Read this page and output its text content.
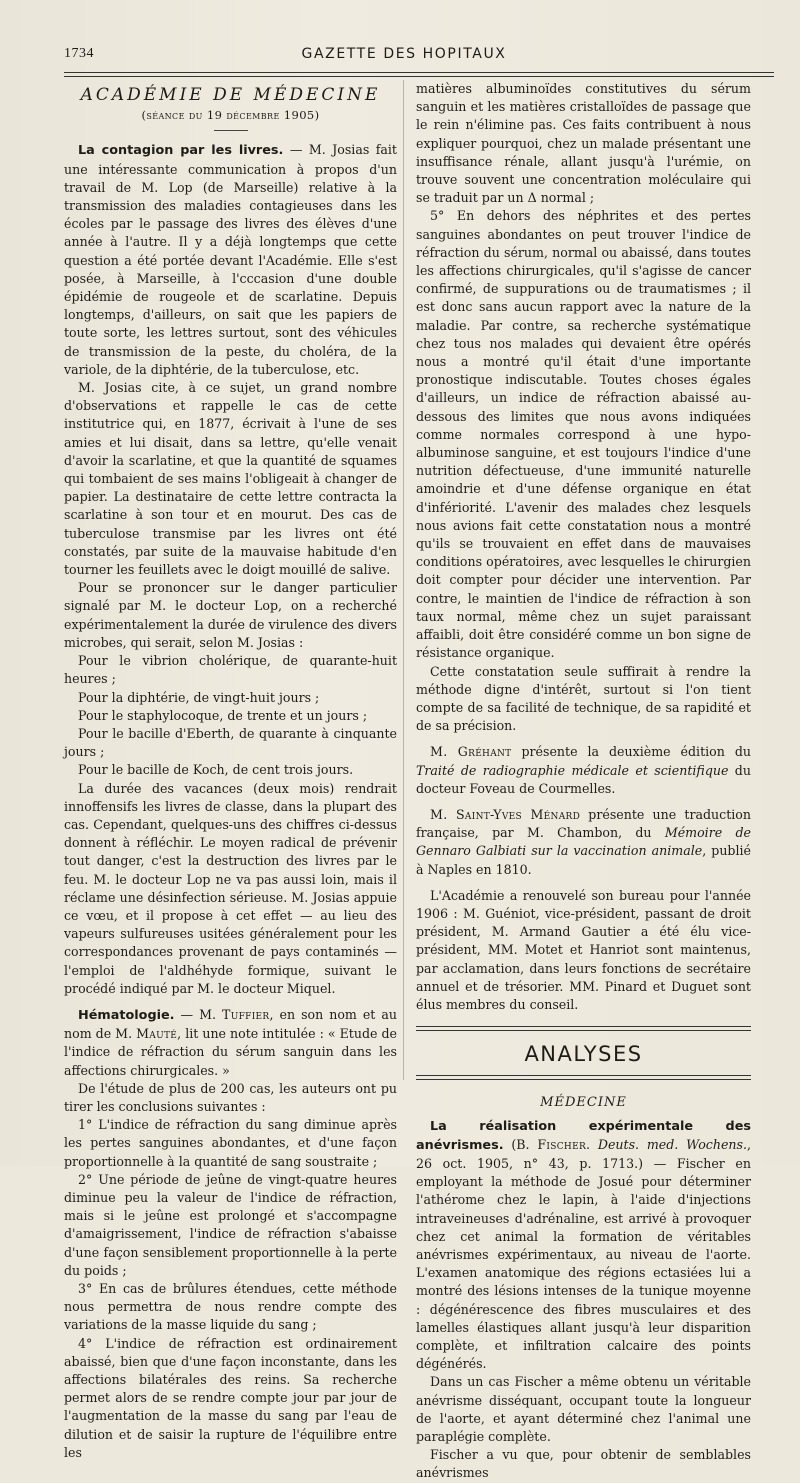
1734	GAZETTE DES HOPITAUX
ACADÉMIE DE MÉDECINE
(séance du 19 décembre 1905)

La contagion par les livres. — M. Josias fait une intéressante communication à propos d'un travail de M. Lop (de Marseille) relative à la transmission des maladies contagieuses dans les écoles par le passage des livres des élèves d'une année à l'autre. Il y a déjà longtemps que cette question a été portée devant l'Académie. Elle s'est posée, à Marseille, à l'cccasion d'une double épidémie de rougeole et de scarlatine. Depuis longtemps, d'ailleurs, on sait que les papiers de toute sorte, les lettres surtout, sont des véhicules de transmission de la peste, du choléra, de la variole, de la diphtérie, de la tuberculose, etc.

M. Josias cite, à ce sujet, un grand nombre d'observations et rappelle le cas de cette institutrice qui, en 1877, écrivait à l'une de ses amies et lui disait, dans sa lettre, qu'elle venait d'avoir la scarlatine, et que la quantité de squames qui tombaient de ses mains l'obligeait à changer de papier. La destinataire de cette lettre contracta la scarlatine à son tour et en mourut. Des cas de tuberculose transmise par les livres ont été constatés, par suite de la mauvaise habitude d'en tourner les feuillets avec le doigt mouillé de salive.

Pour se prononcer sur le danger particulier signalé par M. le docteur Lop, on a recherché expérimentalement la durée de virulence des divers microbes, qui serait, selon M. Josias :

Pour le vibrion cholérique, de quarante-huit heures ;

Pour la diphtérie, de vingt-huit jours ;

Pour le staphylocoque, de trente et un jours ;

Pour le bacille d'Eberth, de quarante à cinquante jours ;

Pour le bacille de Koch, de cent trois jours.

La durée des vacances (deux mois) rendrait innoffensifs les livres de classe, dans la plupart des cas. Cependant, quelques-uns des chiffres ci-dessus donnent à réfléchir. Le moyen radical de prévenir tout danger, c'est la destruction des livres par le feu. M. le docteur Lop ne va pas aussi loin, mais il réclame une désinfection sérieuse. M. Josias appuie ce vœu, et il propose à cet effet — au lieu des vapeurs sulfureuses usitées généralement pour les correspondances provenant de pays contaminés — l'emploi de l'aldhéhyde formique, suivant le procédé indiqué par M. le docteur Miquel.

Hématologie. — M. Tuffier, en son nom et au nom de M. Mauté, lit une note intitulée : « Etude de l'indice de réfraction du sérum sanguin dans les affections chirurgicales. »

De l'étude de plus de 200 cas, les auteurs ont pu tirer les conclusions suivantes :

1° L'indice de réfraction du sang diminue après les pertes sanguines abondantes, et d'une façon proportionnelle à la quantité de sang soustraite ;

2° Une période de jeûne de vingt-quatre heures diminue peu la valeur de l'indice de réfraction, mais si le jeûne est prolongé et s'accompagne d'amaigrissement, l'indice de réfraction s'abaisse d'une façon sensiblement proportionnelle à la perte du poids ;

3° En cas de brûlures étendues, cette méthode nous permettra de nous rendre compte des variations de la masse liquide du sang ;

4° L'indice de réfraction est ordinairement abaissé, bien que d'une façon inconstante, dans les affections bilatérales des reins. Sa recherche permet alors de se rendre compte jour par jour de l'augmentation de la masse du sang par l'eau de dilution et de saisir la rupture de l'équilibre entre les

matières albuminoïdes constitutives du sérum sanguin et les matières cristalloïdes de passage que le rein n'élimine pas. Ces faits contribuent à nous expliquer pourquoi, chez un malade présentant une insuffisance rénale, allant jusqu'à l'urémie, on trouve souvent une concentration moléculaire qui se traduit par un Δ normal ;

5° En dehors des néphrites et des pertes sanguines abondantes on peut trouver l'indice de réfraction du sérum, normal ou abaissé, dans toutes les affections chirurgicales, qu'il s'agisse de cancer confirmé, de suppurations ou de traumatismes ; il est donc sans aucun rapport avec la nature de la maladie. Par contre, sa recherche systématique chez tous nos malades qui devaient être opérés nous a montré qu'il était d'une importante pronostique indiscutable. Toutes choses égales d'ailleurs, un indice de réfraction abaissé au-dessous des limites que nous avons indiquées comme normales correspond à une hypo-albuminose sanguine, et est toujours l'indice d'une nutrition défectueuse, d'une immunité naturelle amoindrie et d'une défense organique en état d'infériorité. L'avenir des malades chez lesquels nous avions fait cette constatation nous a montré qu'ils se trouvaient en effet dans de mauvaises conditions opératoires, avec lesquelles le chirurgien doit compter pour décider une intervention. Par contre, le maintien de l'indice de réfraction à son taux normal, même chez un sujet paraissant affaibli, doit être considéré comme un bon signe de résistance organique.

Cette constatation seule suffirait à rendre la méthode digne d'intérêt, surtout si l'on tient compte de sa facilité de technique, de sa rapidité et de sa précision.

M. Gréhant présente la deuxième édition du Traité de radiographie médicale et scientifique du docteur Foveau de Courmelles.

M. Saint-Yves Ménard présente une traduction française, par M. Chambon, du Mémoire de Gennaro Galbiati sur la vaccination animale, publié à Naples en 1810.

L'Académie a renouvelé son bureau pour l'année 1906 : M. Guéniot, vice-président, passant de droit président, M. Armand Gautier a été élu vice-président, MM. Motet et Hanriot sont maintenus, par acclamation, dans leurs fonctions de secrétaire annuel et de trésorier. MM. Pinard et Duguet sont élus membres du conseil.

ANALYSES
MÉDECINE

La réalisation expérimentale des anévrismes. (B. Fischer. Deuts. med. Wochens., 26 oct. 1905, n° 43, p. 1713.) — Fischer en employant la méthode de Josué pour déterminer l'athérome chez le lapin, à l'aide d'injections intraveineuses d'adrénaline, est arrivé à provoquer chez cet animal la formation de véritables anévrismes expérimentaux, au niveau de l'aorte. L'examen anatomique des régions ectasiées lui a montré des lésions intenses de la tunique moyenne : dégénérescence des fibres musculaires et des lamelles élastiques allant jusqu'à leur disparition complète, et infiltration calcaire des points dégénérés.

Dans un cas Fischer a même obtenu un véritable anévrisme disséquant, occupant toute la longueur de l'aorte, et ayant déterminé chez l'animal une paraplégie complète.

Fischer a vu que, pour obtenir de semblables anévrismes
